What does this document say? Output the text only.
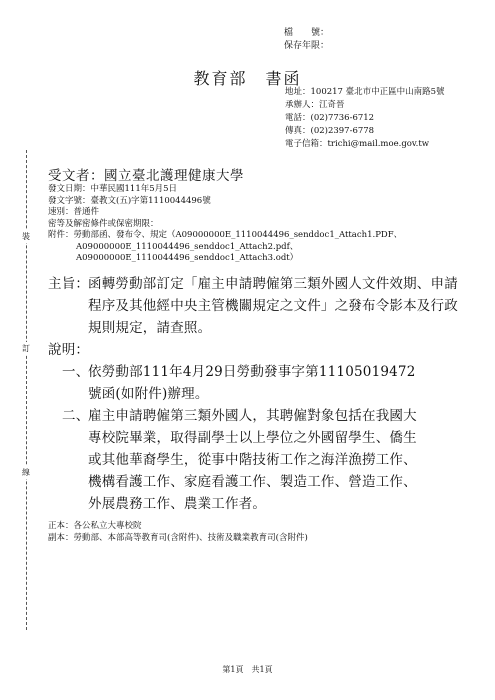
檔　　號：
保存年限：
教育部　書函
地址：100217 臺北市中正區中山南路5號
承辦人：江奇晉
電話：(02)7736-6712
傳真：(02)2397-6778
電子信箱：trichi@mail.moe.gov.tw
受文者：國立臺北護理健康大學
發文日期：中華民國111年5月5日
發文字號：臺教文(五)字第1110044496號
速別：普通件
密等及解密條件或保密期限：
附件：勞動部函、發布令、規定（A09000000E_1110044496_senddoc1_Attach1.PDF、
A09000000E_1110044496_senddoc1_Attach2.pdf、
A09000000E_1110044496_senddoc1_Attach3.odt）
裝
訂
線
主旨：
函轉勞動部訂定「雇主申請聘僱第三類外國人文件效期、申請程序及其他經中央主管機關規定之文件」之發布令影本及行政規則規定，請查照。
說明：
一、
依勞動部111年4月29日勞動發事字第11105019472號函(如附件)辦理。
二、
雇主申請聘僱第三類外國人，其聘僱對象包括在我國大專校院畢業，取得副學士以上學位之外國留學生、僑生或其他華裔學生，從事中階技術工作之海洋漁撈工作、機構看護工作、家庭看護工作、製造工作、營造工作、外展農務工作、農業工作者。
正本：各公私立大專校院
副本：勞動部、本部高等教育司(含附件)、技術及職業教育司(含附件)
第1頁　共1頁
